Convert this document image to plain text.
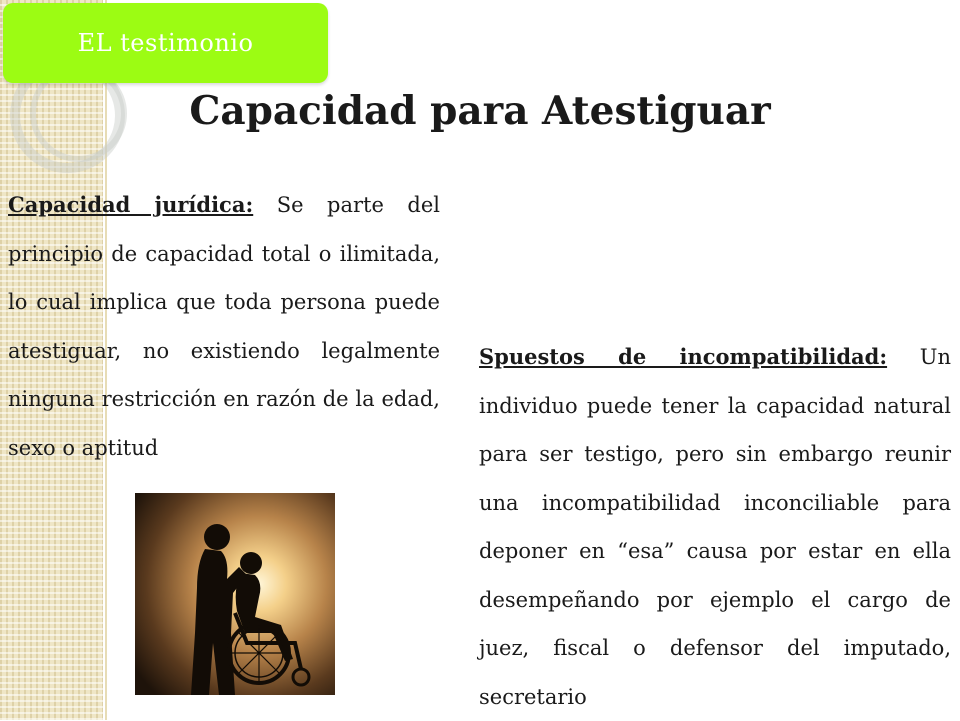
EL testimonio
Capacidad para Atestiguar

Capacidad jurídica: Se parte del principio de capacidad total o ilimitada, lo cual implica que toda persona puede atestiguar, no existiendo legalmente ninguna restricción en razón de la edad, sexo o aptitud

Spuestos de incompatibilidad: Un individuo puede tener la capacidad natural para ser testigo, pero sin embargo reunir una incompatibilidad inconciliable para deponer en “esa” causa por estar en ella desempeñando por ejemplo el cargo de juez, fiscal o defensor del imputado, secretario
